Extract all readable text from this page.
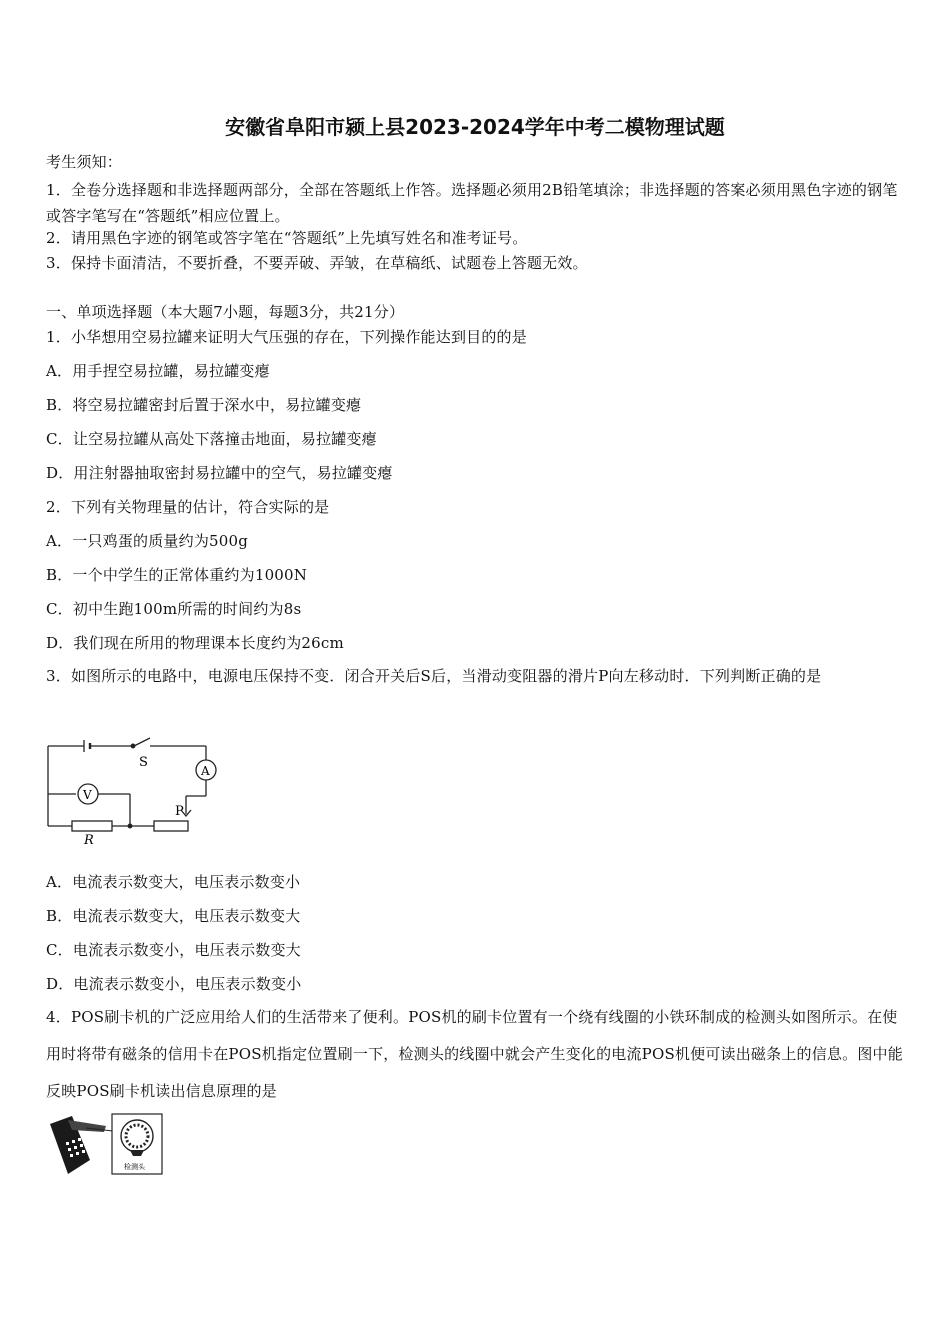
安徽省阜阳市颍上县2023-2024学年中考二模物理试题
考生须知：
1．全卷分选择题和非选择题两部分，全部在答题纸上作答。选择题必须用2B铅笔填涂；非选择题的答案必须用黑色字迹的钢笔或答字笔写在“答题纸”相应位置上。
2．请用黑色字迹的钢笔或答字笔在“答题纸”上先填写姓名和准考证号。
3．保持卡面清洁，不要折叠，不要弄破、弄皱，在草稿纸、试题卷上答题无效。
一、单项选择题（本大题7小题，每题3分，共21分）
1．小华想用空易拉罐来证明大气压强的存在，下列操作能达到目的的是
A．用手捏空易拉罐，易拉罐变瘪
B．将空易拉罐密封后置于深水中，易拉罐变瘪
C．让空易拉罐从高处下落撞击地面，易拉罐变瘪
D．用注射器抽取密封易拉罐中的空气，易拉罐变瘪
2．下列有关物理量的估计，符合实际的是
A．一只鸡蛋的质量约为500g
B．一个中学生的正常体重约为1000N
C．初中生跑100m所需的时间约为8s
D．我们现在所用的物理课本长度约为26cm
3．如图所示的电路中，电源电压保持不变．闭合开关后S后，当滑动变阻器的滑片P向左移动时．下列判断正确的是
S
A
V
P
R
A．电流表示数变大，电压表示数变小
B．电流表示数变大，电压表示数变大
C．电流表示数变小，电压表示数变大
D．电流表示数变小，电压表示数变小
4．POS刷卡机的广泛应用给人们的生活带来了便利。POS机的刷卡位置有一个绕有线圈的小铁环制成的检测头如图所示。在使用时将带有磁条的信用卡在POS机指定位置刷一下，检测头的线圈中就会产生变化的电流POS机便可读出磁条上的信息。图中能反映POS刷卡机读出信息原理的是
检测头
